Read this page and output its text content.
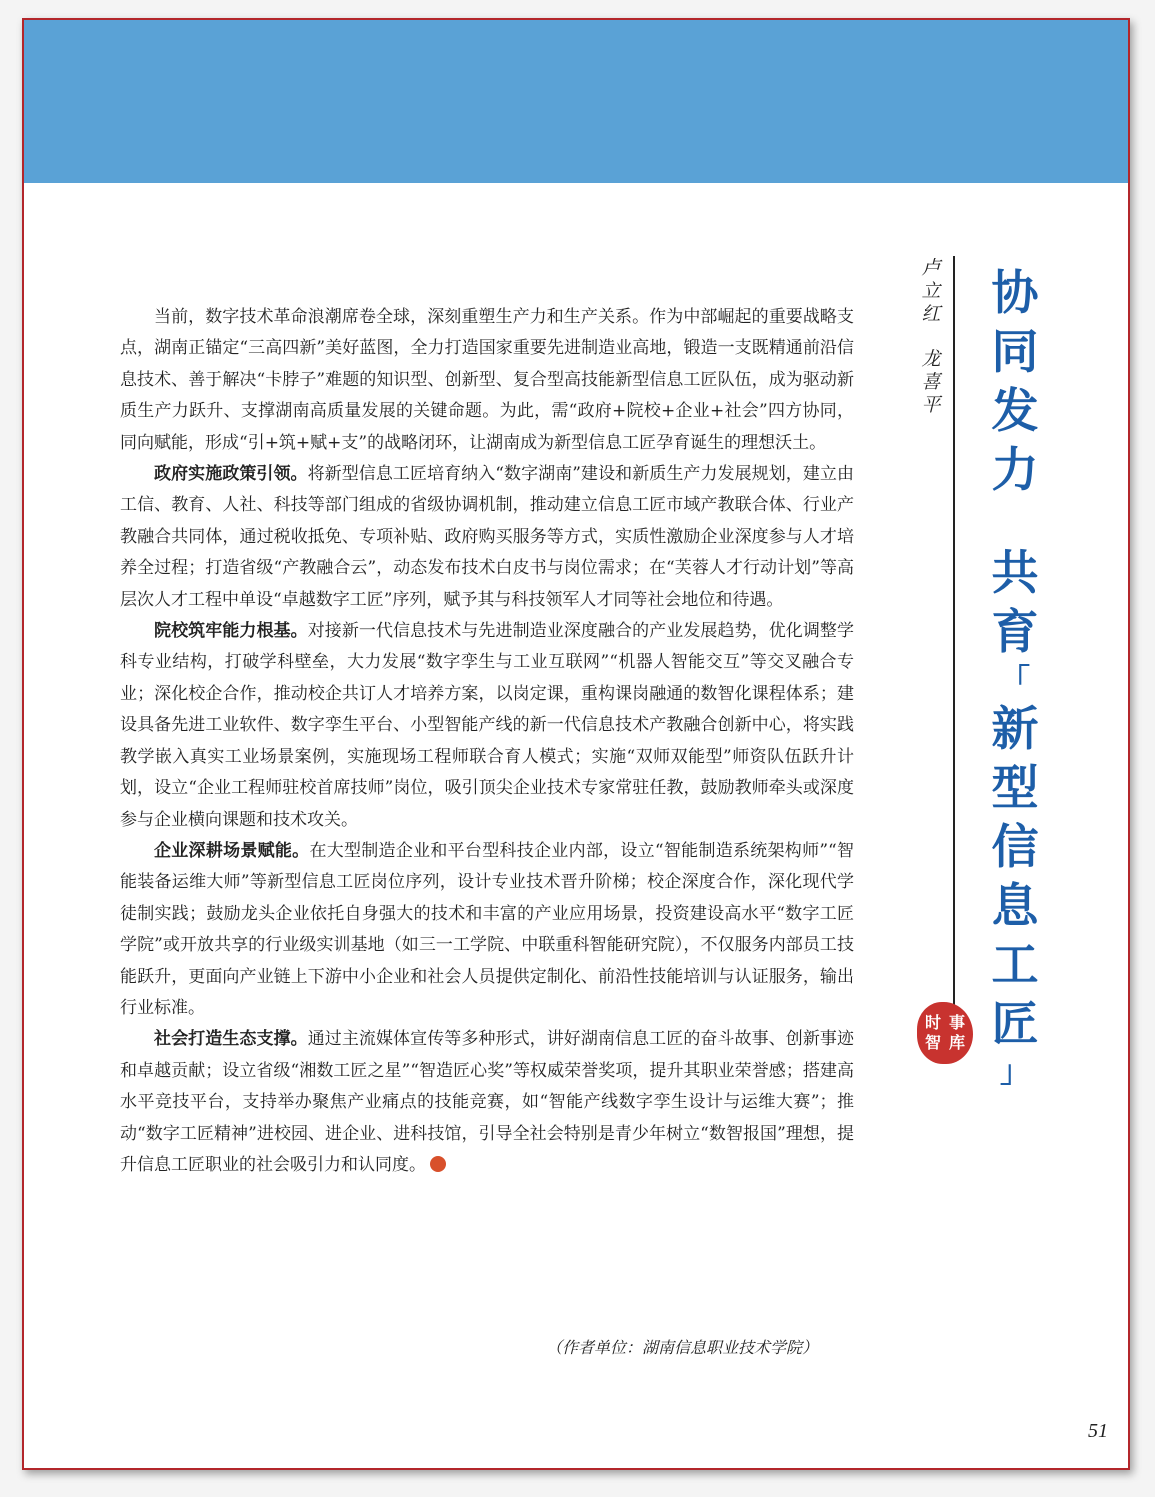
当前，数字技术革命浪潮席卷全球，深刻重塑生产力和生产关系。作为中部崛起的重要战略支点，湖南正锚定“三高四新”美好蓝图，全力打造国家重要先进制造业高地，锻造一支既精通前沿信息技术、善于解决“卡脖子”难题的知识型、创新型、复合型高技能新型信息工匠队伍，成为驱动新质生产力跃升、支撑湖南高质量发展的关键命题。为此，需“政府+院校+企业+社会”四方协同，同向赋能，形成“引+筑+赋+支”的战略闭环，让湖南成为新型信息工匠孕育诞生的理想沃土。

政府实施政策引领。将新型信息工匠培育纳入“数字湖南”建设和新质生产力发展规划，建立由工信、教育、人社、科技等部门组成的省级协调机制，推动建立信息工匠市域产教联合体、行业产教融合共同体，通过税收抵免、专项补贴、政府购买服务等方式，实质性激励企业深度参与人才培养全过程；打造省级“产教融合云”，动态发布技术白皮书与岗位需求；在“芙蓉人才行动计划”等高层次人才工程中单设“卓越数字工匠”序列，赋予其与科技领军人才同等社会地位和待遇。

院校筑牢能力根基。对接新一代信息技术与先进制造业深度融合的产业发展趋势，优化调整学科专业结构，打破学科壁垒，大力发展“数字孪生与工业互联网”“机器人智能交互”等交叉融合专业；深化校企合作，推动校企共订人才培养方案，以岗定课，重构课岗融通的数智化课程体系；建设具备先进工业软件、数字孪生平台、小型智能产线的新一代信息技术产教融合创新中心，将实践教学嵌入真实工业场景案例，实施现场工程师联合育人模式；实施“双师双能型”师资队伍跃升计划，设立“企业工程师驻校首席技师”岗位，吸引顶尖企业技术专家常驻任教，鼓励教师牵头或深度参与企业横向课题和技术攻关。

企业深耕场景赋能。在大型制造企业和平台型科技企业内部，设立“智能制造系统架构师”“智能装备运维大师”等新型信息工匠岗位序列，设计专业技术晋升阶梯；校企深度合作，深化现代学徒制实践；鼓励龙头企业依托自身强大的技术和丰富的产业应用场景，投资建设高水平“数字工匠学院”或开放共享的行业级实训基地（如三一工学院、中联重科智能研究院），不仅服务内部员工技能跃升，更面向产业链上下游中小企业和社会人员提供定制化、前沿性技能培训与认证服务，输出行业标准。

社会打造生态支撑。通过主流媒体宣传等多种形式，讲好湖南信息工匠的奋斗故事、创新事迹和卓越贡献；设立省级“湘数工匠之星”“智造匠心奖”等权威荣誉奖项，提升其职业荣誉感；搭建高水平竞技平台，支持举办聚焦产业痛点的技能竞赛，如“智能产线数字孪生设计与运维大赛”；推动“数字工匠精神”进校园、进企业、进科技馆，引导全社会特别是青少年树立“数智报国”理想，提升信息工匠职业的社会吸引力和认同度。

（作者单位：湖南信息职业技术学院）
卢
立
红
龙
喜
平
协
同
发
力
共
育
「
新
型
信
息
工
匠
」
时 事
智 库
51
